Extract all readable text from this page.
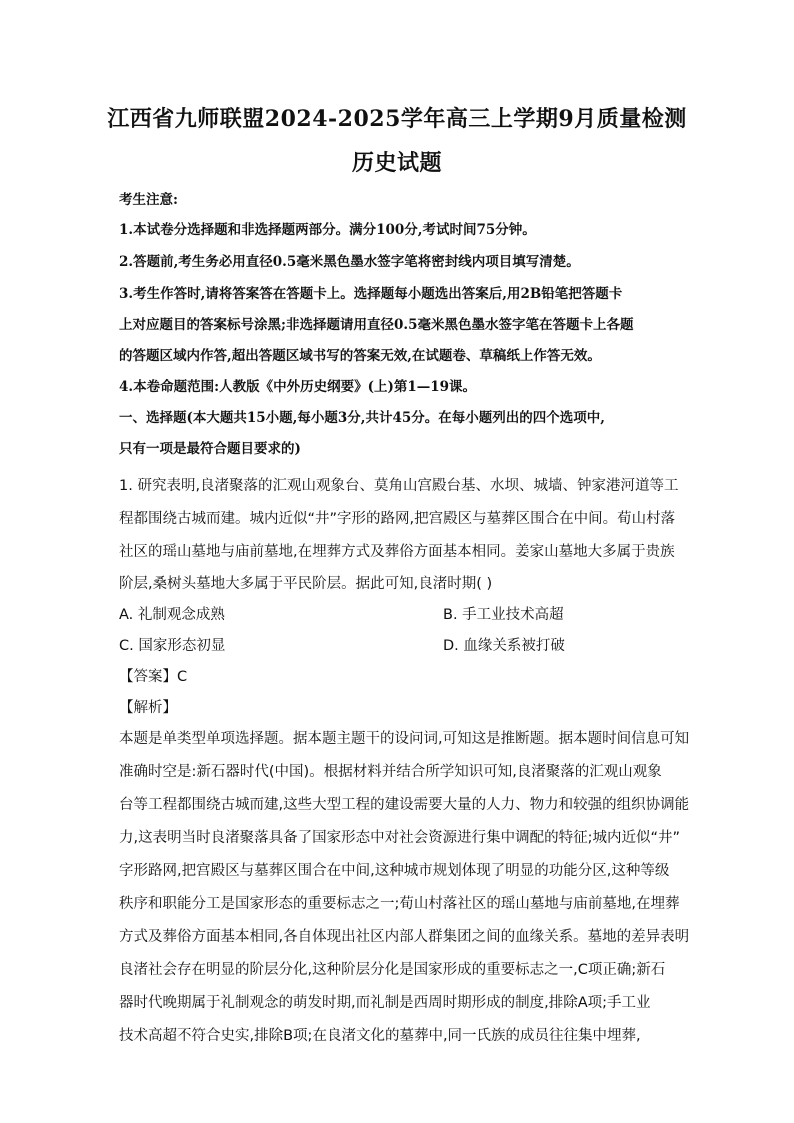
江西省九师联盟2024-2025学年高三上学期9月质量检测
历史试题
考生注意:
1.本试卷分选择题和非选择题两部分。满分100分,考试时间75分钟。
2.答题前,考生务必用直径0.5毫米黑色墨水签字笔将密封线内项目填写清楚。
3.考生作答时,请将答案答在答题卡上。选择题每小题选出答案后,用2B铅笔把答题卡
上对应题目的答案标号涂黑;非选择题请用直径0.5毫米黑色墨水签字笔在答题卡上各题
的答题区域内作答,超出答题区域书写的答案无效,在试题卷、草稿纸上作答无效。
4.本卷命题范围:人教版《中外历史纲要》(上)第1—19课。
一、选择题(本大题共15小题,每小题3分,共计45分。在每小题列出的四个选项中,
只有一项是最符合题目要求的)
1. 研究表明,良渚聚落的汇观山观象台、莫角山宫殿台基、水坝、城墙、钟家港河道等工
程都围绕古城而建。城内近似“井”字形的路网,把宫殿区与墓葬区围合在中间。荀山村落
社区的瑶山墓地与庙前墓地,在埋葬方式及葬俗方面基本相同。姜家山墓地大多属于贵族
阶层,桑树头墓地大多属于平民阶层。据此可知,良渚时期( )
A. 礼制观念成熟	B. 手工业技术高超
C. 国家形态初显	D. 血缘关系被打破
【答案】C
【解析】
本题是单类型单项选择题。据本题主题干的设问词,可知这是推断题。据本题时间信息可知
准确时空是:新石器时代(中国)。根据材料并结合所学知识可知,良渚聚落的汇观山观象
台等工程都围绕古城而建,这些大型工程的建设需要大量的人力、物力和较强的组织协调能
力,这表明当时良渚聚落具备了国家形态中对社会资源进行集中调配的特征;城内近似“井”
字形路网,把宫殿区与墓葬区围合在中间,这种城市规划体现了明显的功能分区,这种等级
秩序和职能分工是国家形态的重要标志之一;荀山村落社区的瑶山墓地与庙前墓地,在埋葬
方式及葬俗方面基本相同,各自体现出社区内部人群集团之间的血缘关系。墓地的差异表明
良渚社会存在明显的阶层分化,这种阶层分化是国家形成的重要标志之一,C项正确;新石
器时代晚期属于礼制观念的萌发时期,而礼制是西周时期形成的制度,排除A项;手工业
技术高超不符合史实,排除B项;在良渚文化的墓葬中,同一氏族的成员往往集中埋葬,
